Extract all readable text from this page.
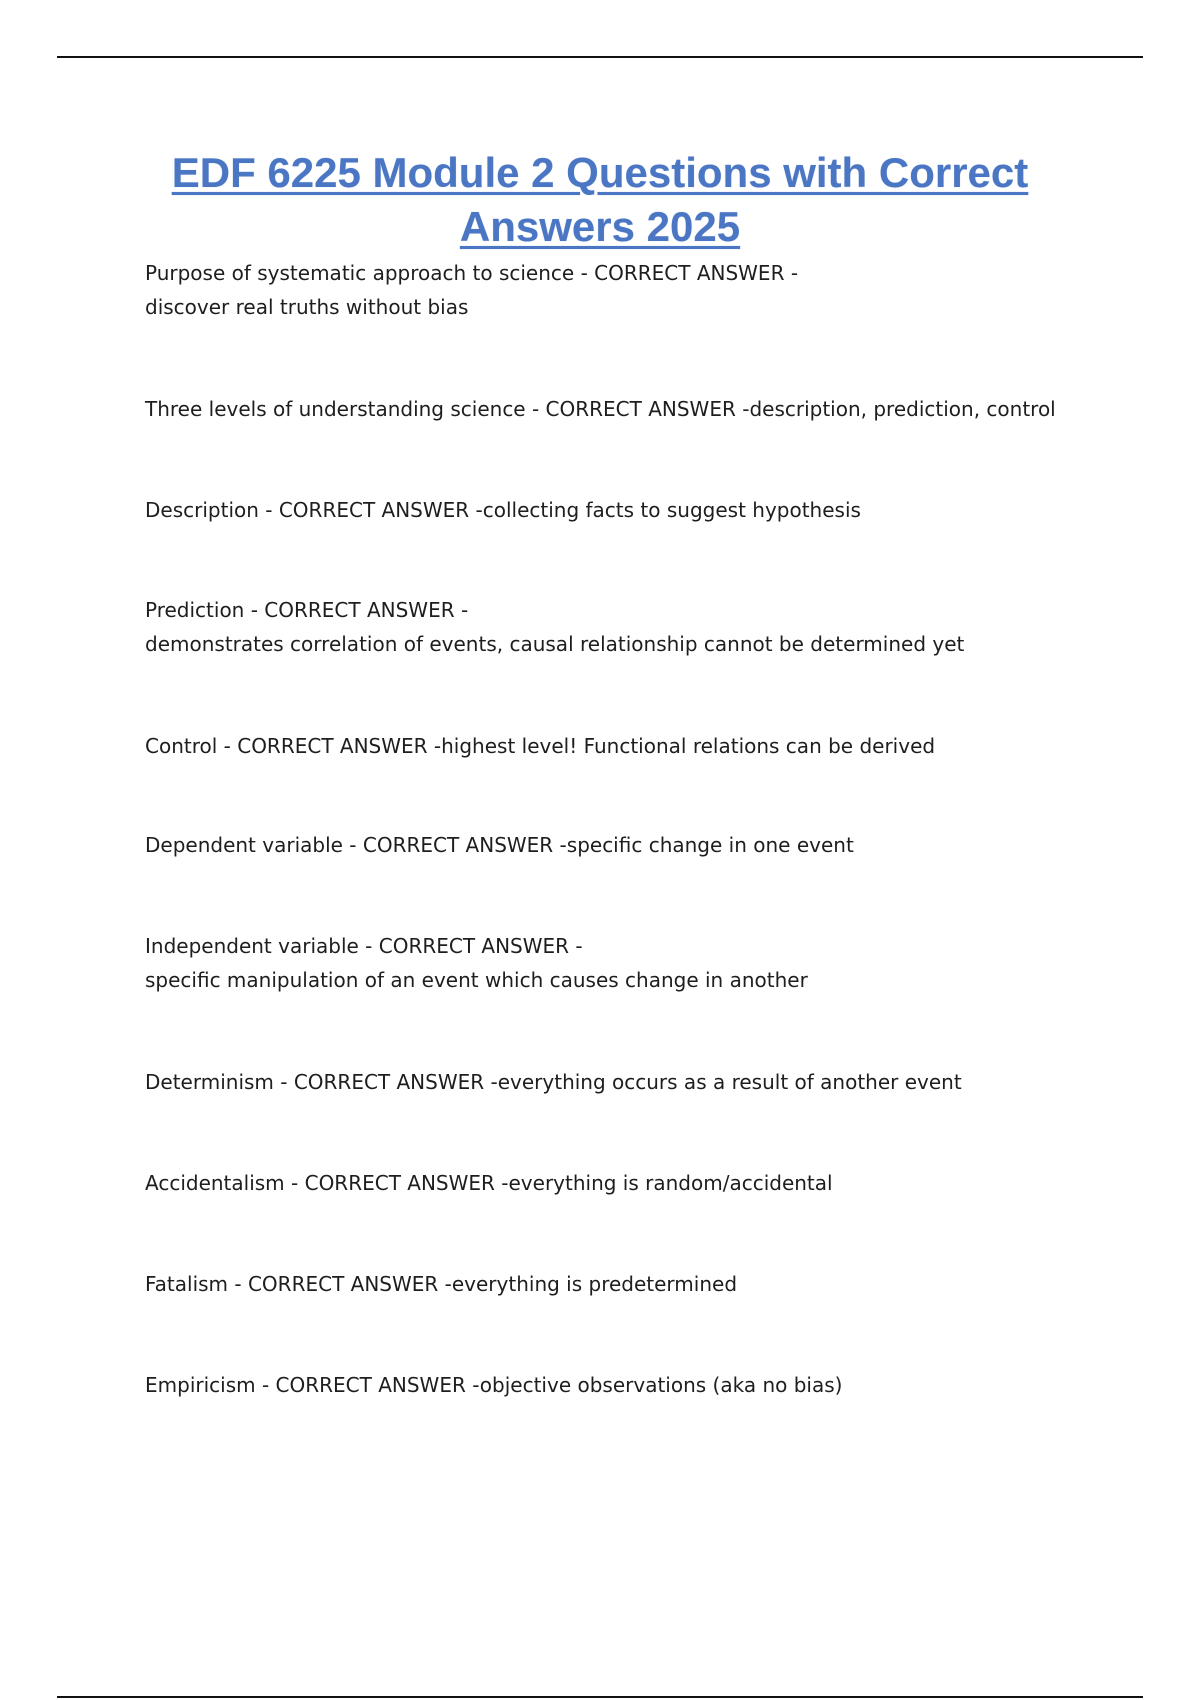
EDF 6225 Module 2 Questions with Correct Answers 2025
Purpose of systematic approach to science - CORRECT ANSWER -
discover real truths without bias
Three levels of understanding science - CORRECT ANSWER -description, prediction, control
Description - CORRECT ANSWER -collecting facts to suggest hypothesis
Prediction - CORRECT ANSWER -
demonstrates correlation of events, causal relationship cannot be determined yet
Control - CORRECT ANSWER -highest level! Functional relations can be derived
Dependent variable - CORRECT ANSWER -specific change in one event
Independent variable - CORRECT ANSWER -
specific manipulation of an event which causes change in another
Determinism - CORRECT ANSWER -everything occurs as a result of another event
Accidentalism - CORRECT ANSWER -everything is random/accidental
Fatalism - CORRECT ANSWER -everything is predetermined
Empiricism - CORRECT ANSWER -objective observations (aka no bias)
